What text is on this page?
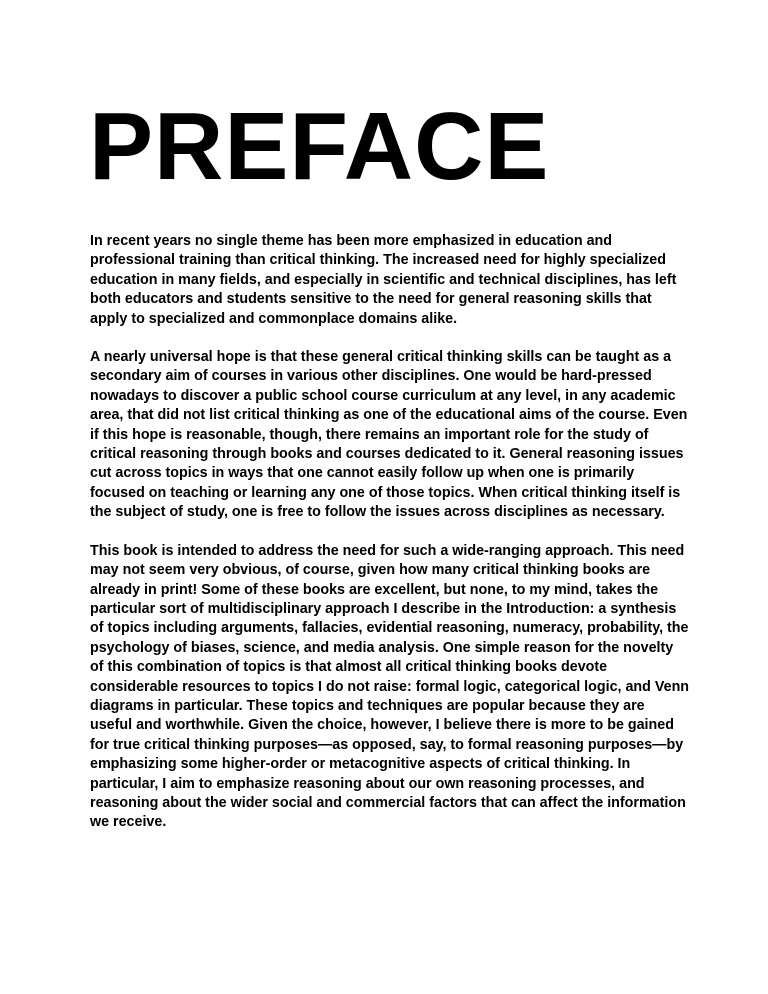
PREFACE

In recent years no single theme has been more emphasized in education and professional training than critical thinking. The increased need for highly specialized education in many fields, and especially in scientific and technical disciplines, has left both educators and students sensitive to the need for general reasoning skills that apply to specialized and commonplace domains alike.

A nearly universal hope is that these general critical thinking skills can be taught as a secondary aim of courses in various other disciplines. One would be hard-pressed nowadays to discover a public school course curriculum at any level, in any academic area, that did not list critical thinking as one of the educational aims of the course. Even if this hope is reasonable, though, there remains an important role for the study of critical reasoning through books and courses dedicated to it. General reasoning issues cut across topics in ways that one cannot easily follow up when one is primarily focused on teaching or learning any one of those topics. When critical thinking itself is the subject of study, one is free to follow the issues across disciplines as necessary.

This book is intended to address the need for such a wide-ranging approach. This need may not seem very obvious, of course, given how many critical thinking books are already in print! Some of these books are excellent, but none, to my mind, takes the particular sort of multidisciplinary approach I describe in the Introduction: a synthesis of topics including arguments, fallacies, evidential reasoning, numeracy, probability, the psychology of biases, science, and media analysis. One simple reason for the novelty of this combination of topics is that almost all critical thinking books devote considerable resources to topics I do not raise: formal logic, categorical logic, and Venn diagrams in particular. These topics and techniques are popular because they are useful and worthwhile. Given the choice, however, I believe there is more to be gained for true critical thinking purposes—as opposed, say, to formal reasoning purposes—by emphasizing some higher-order or metacognitive aspects of critical thinking. In particular, I aim to emphasize reasoning about our own reasoning processes, and reasoning about the wider social and commercial factors that can affect the information we receive.
